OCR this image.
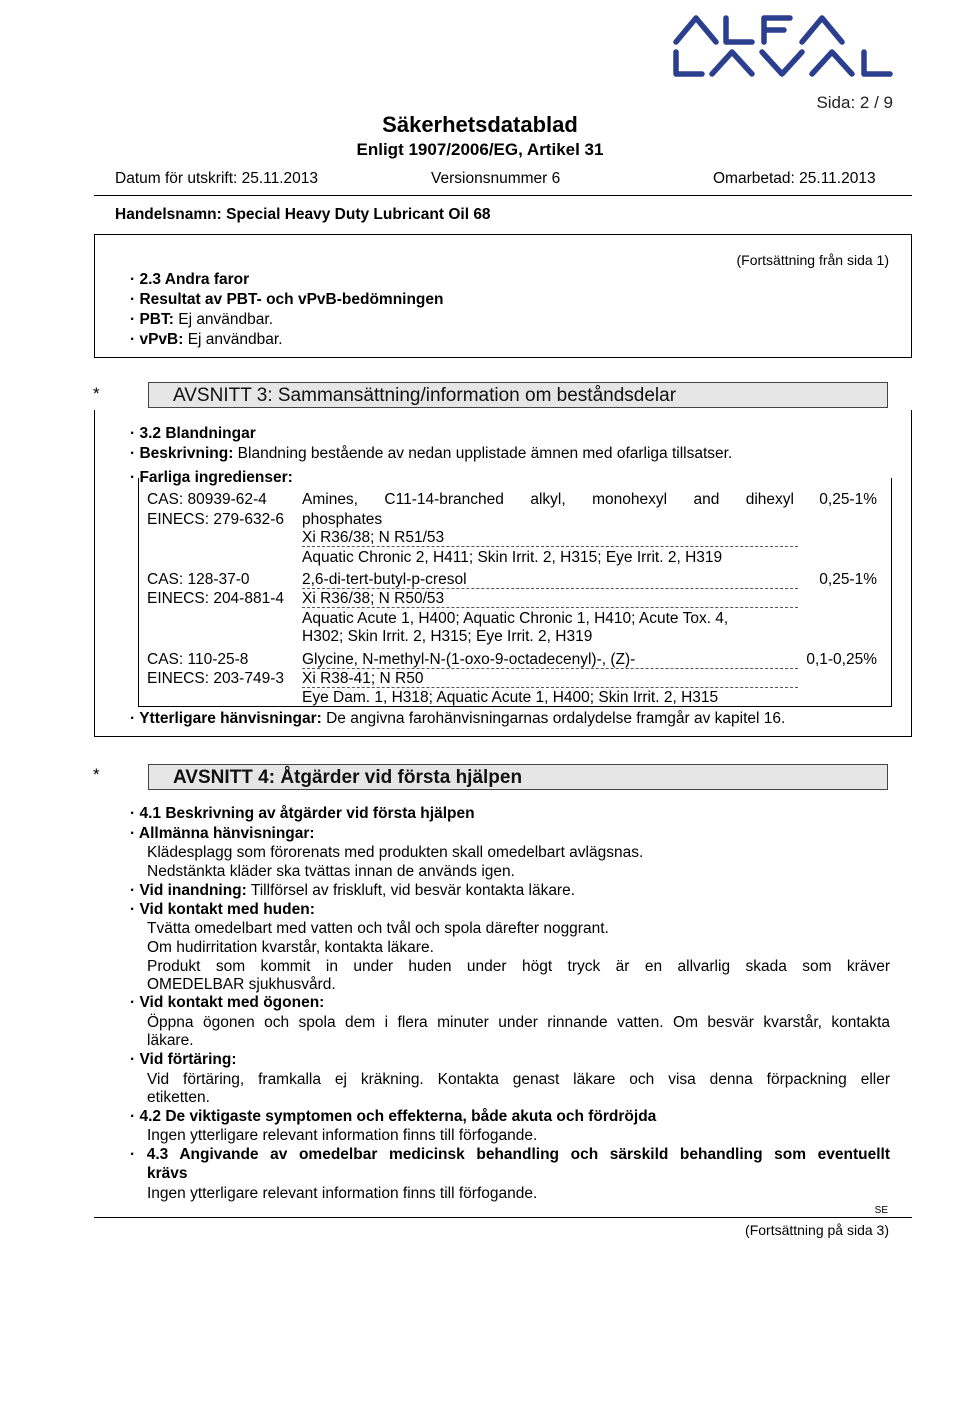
Sida: 2 / 9
Säkerhetsdatablad
Enligt 1907/2006/EG, Artikel 31
Datum för utskrift: 25.11.2013	Versionsnummer 6	Omarbetad: 25.11.2013
Handelsnamn: Special Heavy Duty Lubricant Oil 68
(Fortsättning från sida 1)
· 2.3 Andra faror
· Resultat av PBT- och vPvB-bedömningen
· PBT: Ej användbar.
· vPvB: Ej användbar.
*	AVSNITT 3: Sammansättning/information om beståndsdelar
· 3.2 Blandningar
· Beskrivning: Blandning bestående av nedan upplistade ämnen med ofarliga tillsatser.
· Farliga ingredienser:
CAS: 80939-62-4
EINECS: 279-632-6
Amines, C11-14-branched alkyl, monohexyl and dihexyl
phosphates
0,25-1%
Xi R36/38; N R51/53
Aquatic Chronic 2, H411; Skin Irrit. 2, H315; Eye Irrit. 2, H319
CAS: 128-37-0
EINECS: 204-881-4
2,6-di-tert-butyl-p-cresol	0,25-1%
Xi R36/38; N R50/53
Aquatic Acute 1, H400; Aquatic Chronic 1, H410; Acute Tox. 4,
H302; Skin Irrit. 2, H315; Eye Irrit. 2, H319
CAS: 110-25-8
EINECS: 203-749-3
Glycine, N-methyl-N-(1-oxo-9-octadecenyl)-, (Z)-	0,1-0,25%
Xi R38-41; N R50
Eye Dam. 1, H318; Aquatic Acute 1, H400; Skin Irrit. 2, H315
· Ytterligare hänvisningar: De angivna farohänvisningarnas ordalydelse framgår av kapitel 16.
*	AVSNITT 4: Åtgärder vid första hjälpen
· 4.1 Beskrivning av åtgärder vid första hjälpen
· Allmänna hänvisningar:
Klädesplagg som förorenats med produkten skall omedelbart avlägsnas.
Nedstänkta kläder ska tvättas innan de används igen.
· Vid inandning: Tillförsel av friskluft, vid besvär kontakta läkare.
· Vid kontakt med huden:
Tvätta omedelbart med vatten och tvål och spola därefter noggrant.
Om hudirritation kvarstår, kontakta läkare.
Produkt som kommit in under huden under högt tryck är en allvarlig skada som kräver
OMEDELBAR sjukhusvård.
· Vid kontakt med ögonen:
Öppna ögonen och spola dem i flera minuter under rinnande vatten. Om besvär kvarstår, kontakta
läkare.
· Vid förtäring:
Vid förtäring, framkalla ej kräkning. Kontakta genast läkare och visa denna förpackning eller
etiketten.
· 4.2 De viktigaste symptomen och effekterna, både akuta och fördröjda
Ingen ytterligare relevant information finns till förfogande.
· 4.3 Angivande av omedelbar medicinsk behandling och särskild behandling som eventuellt
krävs
Ingen ytterligare relevant information finns till förfogande.
SE
(Fortsättning på sida 3)
